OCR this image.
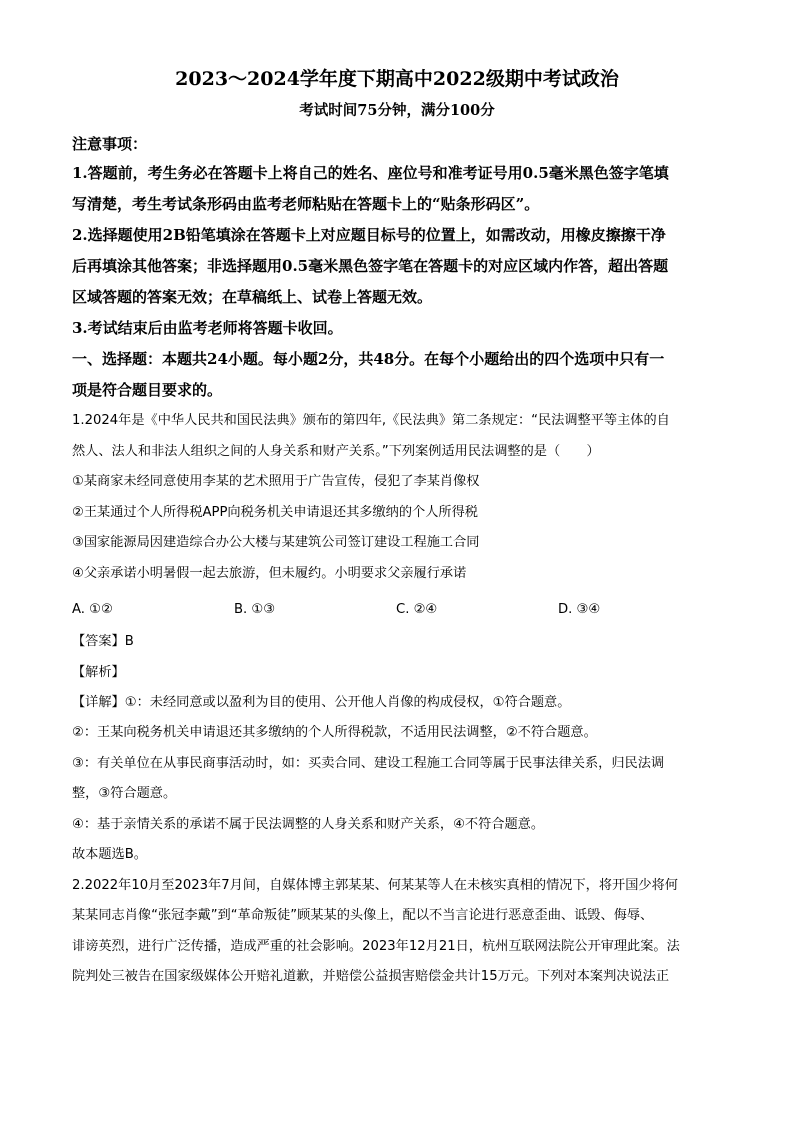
2023～2024学年度下期高中2022级期中考试政治

考试时间75分钟，满分100分

注意事项：

1.答题前，考生务必在答题卡上将自己的姓名、座位号和准考证号用0.5毫米黑色签字笔填

写清楚，考生考试条形码由监考老师粘贴在答题卡上的“贴条形码区”。

2.选择题使用2B铅笔填涂在答题卡上对应题目标号的位置上，如需改动，用橡皮擦擦干净

后再填涂其他答案；非选择题用0.5毫米黑色签字笔在答题卡的对应区域内作答，超出答题

区域答题的答案无效；在草稿纸上、试卷上答题无效。

3.考试结束后由监考老师将答题卡收回。

一、选择题：本题共24小题。每小题2分，共48分。在每个小题给出的四个选项中只有一

项是符合题目要求的。

1.2024年是《中华人民共和国民法典》颁布的第四年,《民法典》第二条规定：“民法调整平等主体的自

然人、法人和非法人组织之间的人身关系和财产关系。”下列案例适用民法调整的是（　　）

①某商家未经同意使用李某的艺术照用于广告宣传，侵犯了李某肖像权

②王某通过个人所得税APP向税务机关申请退还其多缴纳的个人所得税

③国家能源局因建造综合办公大楼与某建筑公司签订建设工程施工合同

④父亲承诺小明暑假一起去旅游，但未履约。小明要求父亲履行承诺

A. ①②	B. ①③	C. ②④	D. ③④

【答案】B

【解析】

【详解】①：未经同意或以盈利为目的使用、公开他人肖像的构成侵权，①符合题意。

②：王某向税务机关申请退还其多缴纳的个人所得税款，不适用民法调整，②不符合题意。

③：有关单位在从事民商事活动时，如：买卖合同、建设工程施工合同等属于民事法律关系，归民法调

整，③符合题意。

④：基于亲情关系的承诺不属于民法调整的人身关系和财产关系，④不符合题意。

故本题选B。

2.2022年10月至2023年7月间，自媒体博主郭某某、何某某等人在未核实真相的情况下，将开国少将何

某某同志肖像“张冠李戴”到“革命叛徒”顾某某的头像上，配以不当言论进行恶意歪曲、诋毁、侮辱、

诽谤英烈，进行广泛传播，造成严重的社会影响。2023年12月21日，杭州互联网法院公开审理此案。法

院判处三被告在国家级媒体公开赔礼道歉，并赔偿公益损害赔偿金共计15万元。下列对本案判决说法正
